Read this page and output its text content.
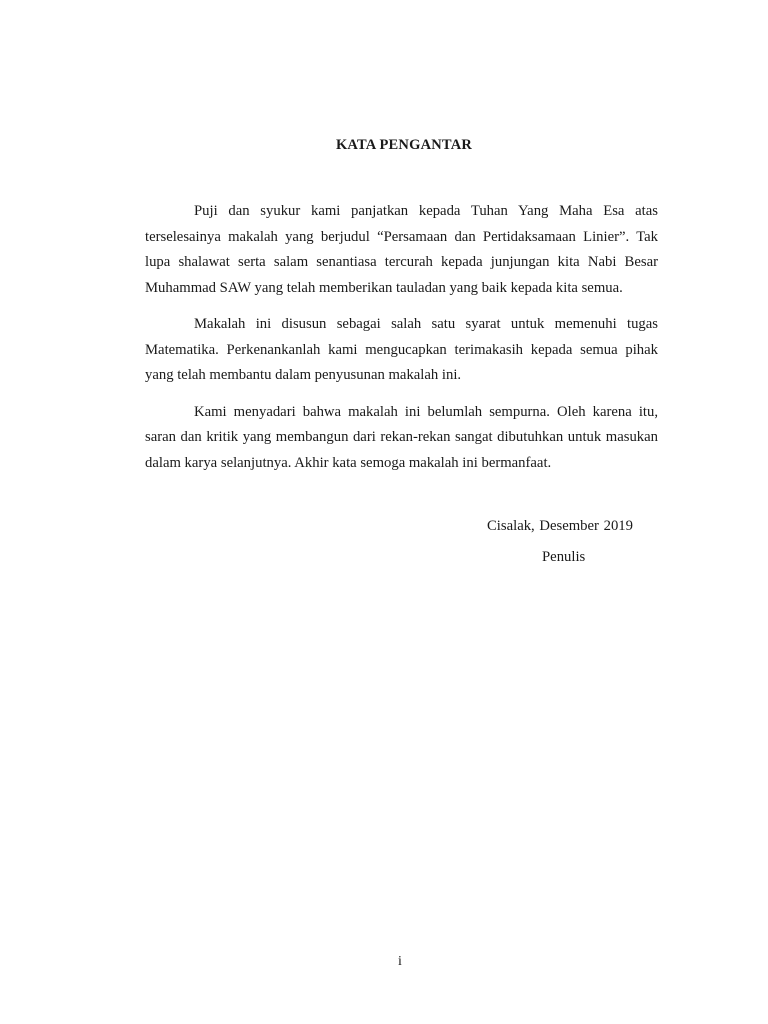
KATA PENGANTAR

Puji dan syukur kami panjatkan kepada Tuhan Yang Maha Esa atas terselesainya makalah yang berjudul “Persamaan dan Pertidaksamaan Linier”. Tak lupa shalawat serta salam senantiasa tercurah kepada junjungan kita Nabi Besar Muhammad SAW yang telah memberikan tauladan yang baik kepada kita semua.

Makalah ini disusun sebagai salah satu syarat untuk memenuhi tugas Matematika. Perkenankanlah kami mengucapkan terimakasih kepada semua pihak yang telah membantu dalam penyusunan makalah ini.

Kami menyadari bahwa makalah ini belumlah sempurna. Oleh karena itu, saran dan kritik yang membangun dari rekan-rekan sangat dibutuhkan untuk masukan dalam karya selanjutnya. Akhir kata semoga makalah ini bermanfaat.

Cisalak, Desember 2019
Penulis
i
